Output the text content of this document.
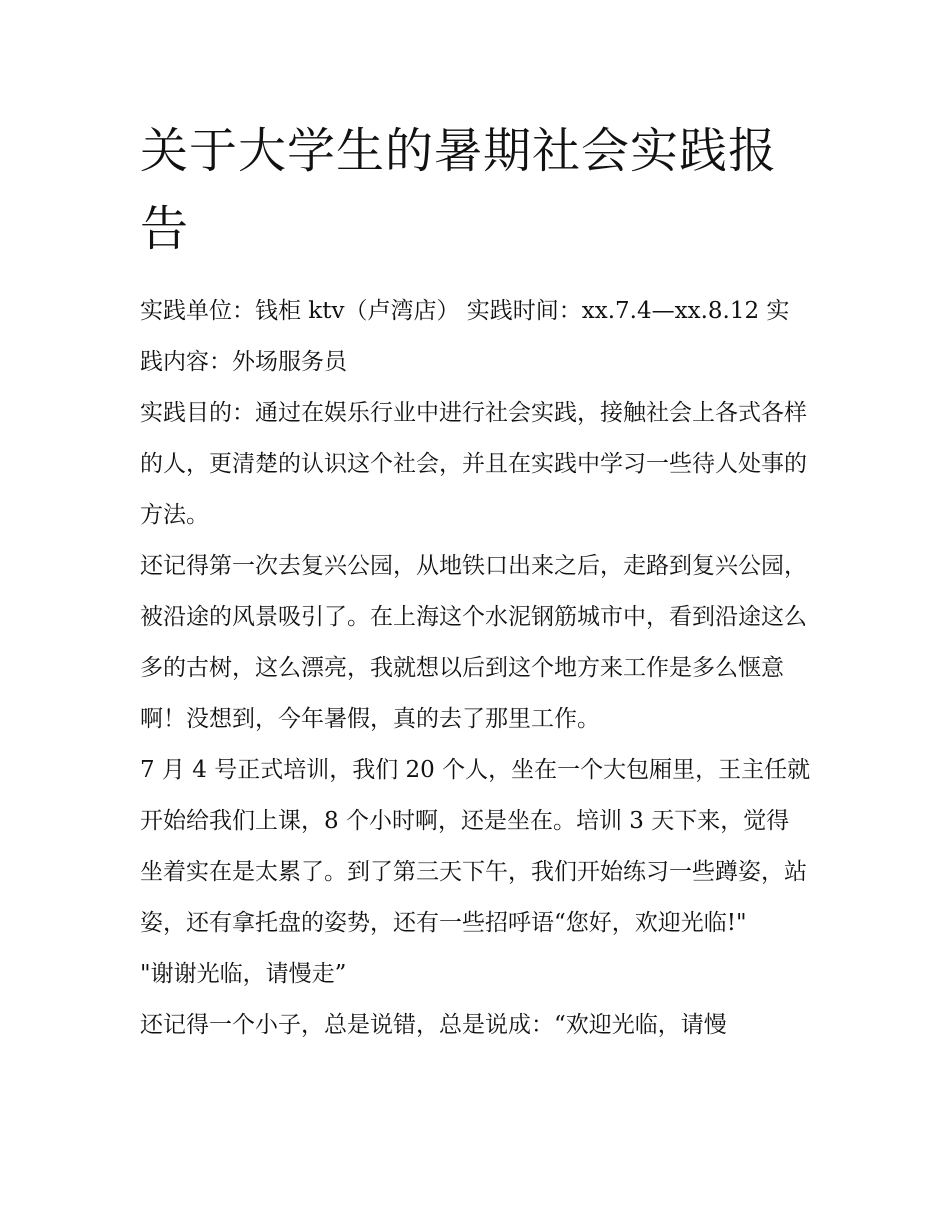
关于大学生的暑期社会实践报告

实践单位：钱柜 ktv（卢湾店） 实践时间：xx.7.4—xx.8.12 实践内容：外场服务员

实践目的：通过在娱乐行业中进行社会实践，接触社会上各式各样的人，更清楚的认识这个社会，并且在实践中学习一些待人处事的方法。

还记得第一次去复兴公园，从地铁口出来之后，走路到复兴公园，被沿途的风景吸引了。在上海这个水泥钢筋城市中，看到沿途这么多的古树，这么漂亮，我就想以后到这个地方来工作是多么惬意啊！没想到，今年暑假，真的去了那里工作。

7 月 4 号正式培训，我们 20 个人，坐在一个大包厢里，王主任就开始给我们上课，8 个小时啊，还是坐在。培训 3 天下来，觉得坐着实在是太累了。到了第三天下午，我们开始练习一些蹲姿，站姿，还有拿托盘的姿势，还有一些招呼语“您好，欢迎光临!"

"谢谢光临，请慢走”

还记得一个小子，总是说错，总是说成：“欢迎光临，请慢
